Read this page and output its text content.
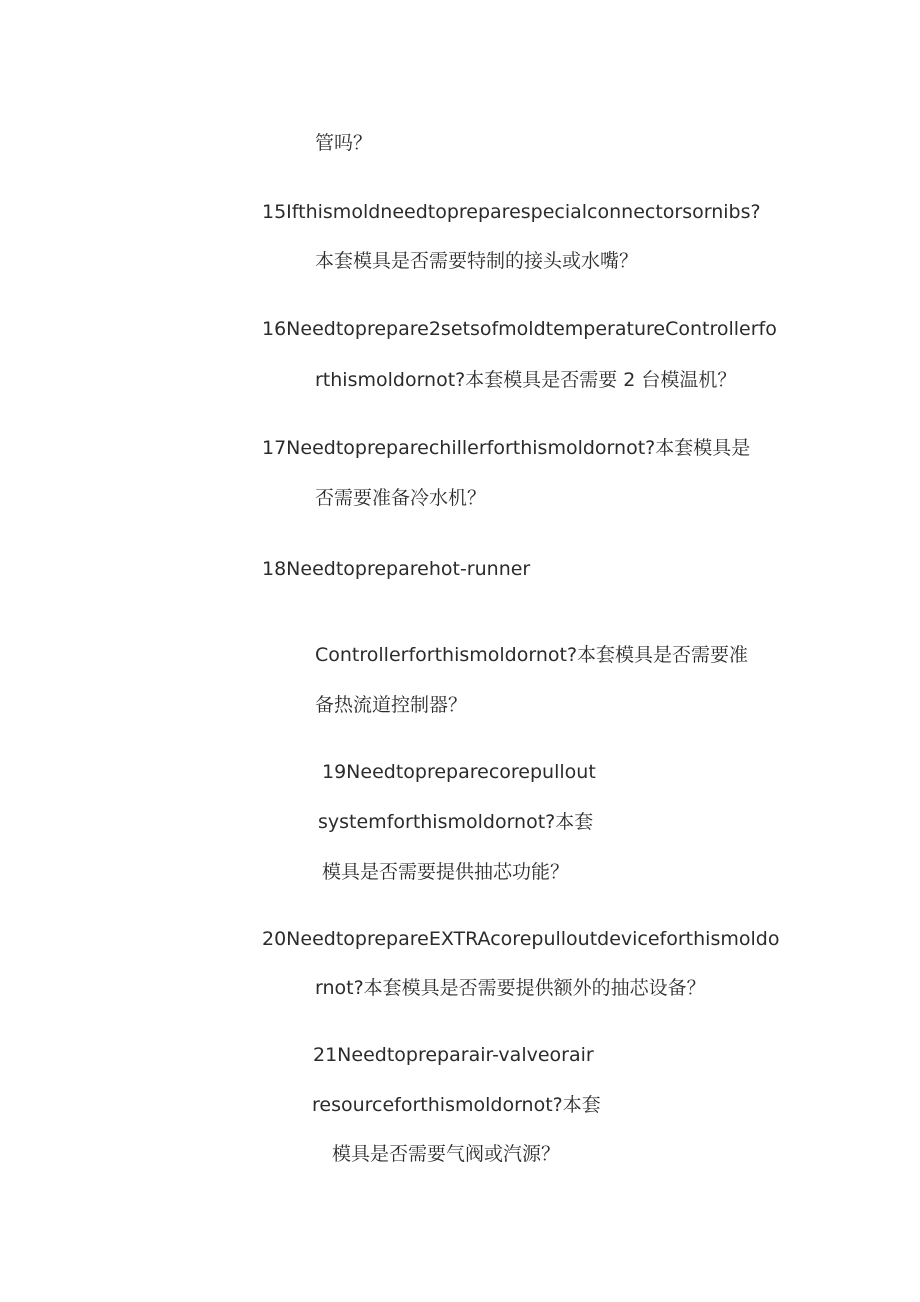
管吗？
15Ifthismoldneedtopreparespecialconnectorsornibs?
本套模具是否需要特制的接头或水嘴？
16Needtoprepare2setsofmoldtemperatureControllerfo
rthismoldornot?本套模具是否需要 2 台模温机？
17Needtopreparechillerforthismoldornot?本套模具是
否需要准备冷水机？
18Needtopreparehot-runner
Controllerforthismoldornot?本套模具是否需要准
备热流道控制器？
19Needtopreparecorepullout
systemforthismoldornot?本套
模具是否需要提供抽芯功能？
20NeedtoprepareEXTRAcorepulloutdeviceforthismoldo
rnot?本套模具是否需要提供额外的抽芯设备？
21Needtopreparair-valveorair
resourceforthismoldornot?本套
模具是否需要气阀或汽源？
